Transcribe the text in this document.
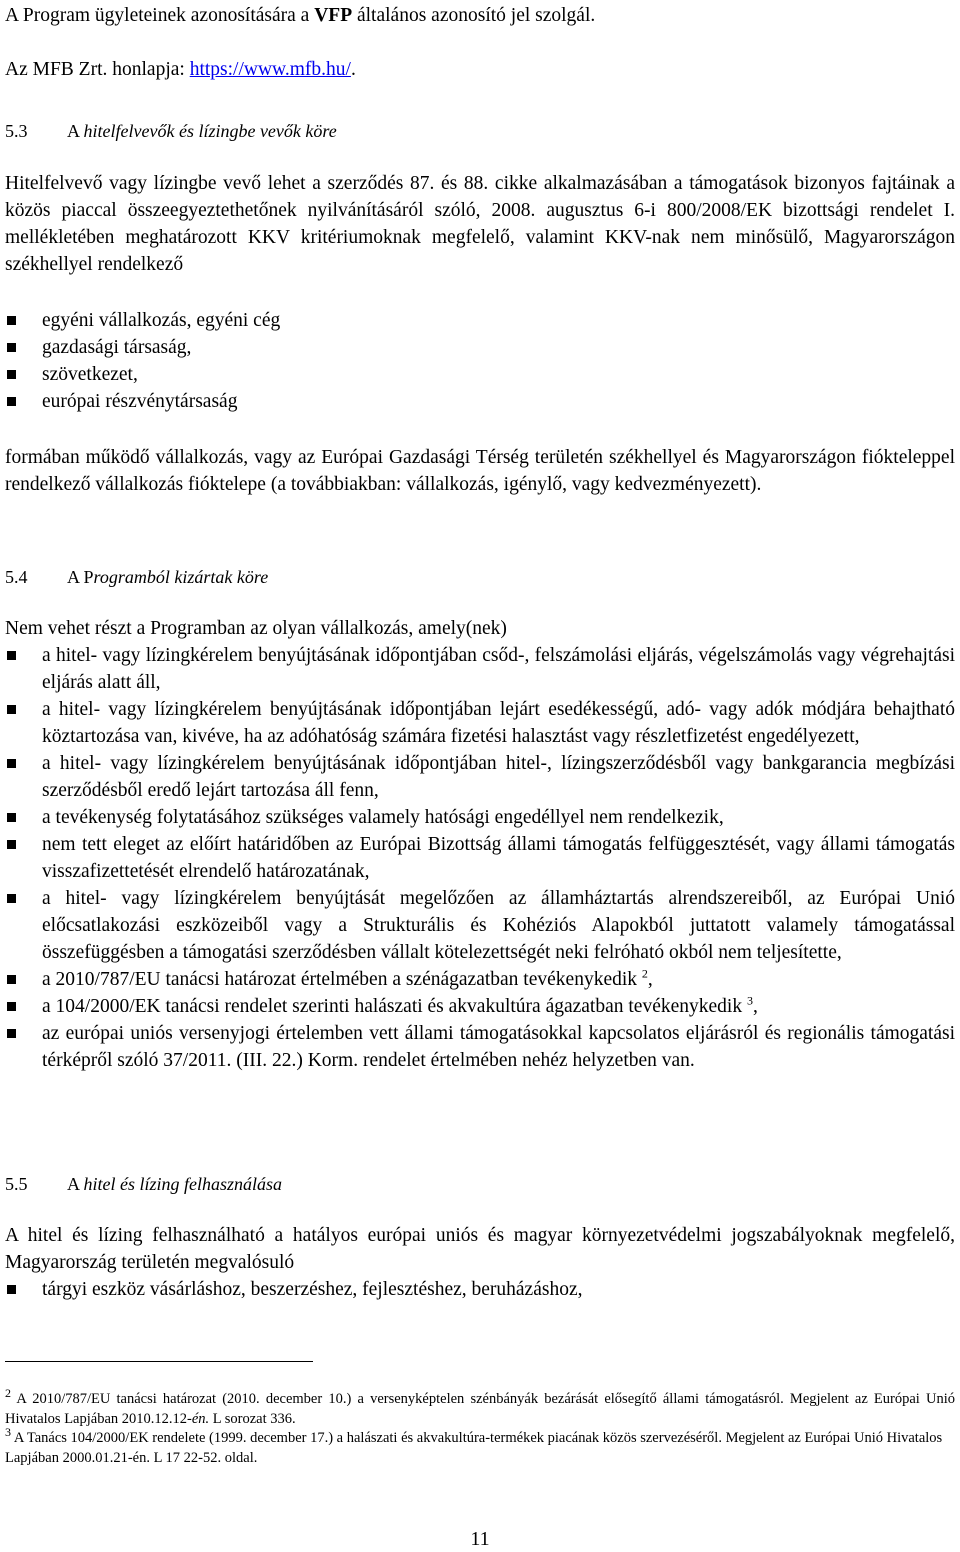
A Program ügyleteinek azonosítására a VFP általános azonosító jel szolgál.
Az MFB Zrt. honlapja: https://www.mfb.hu/.
5.3 A hitelfelvevők és lízingbe vevők köre
Hitelfelvevő vagy lízingbe vevő lehet a szerződés 87. és 88. cikke alkalmazásában a támogatások bizonyos fajtáinak a közös piaccal összeegyeztethetőnek nyilvánításáról szóló, 2008. augusztus 6-i 800/2008/EK bizottsági rendelet I. mellékletében meghatározott KKV kritériumoknak megfelelő, valamint KKV-nak nem minősülő, Magyarországon székhellyel rendelkező
egyéni vállalkozás, egyéni cég
gazdasági társaság,
szövetkezet,
európai részvénytársaság
formában működő vállalkozás, vagy az Európai Gazdasági Térség területén székhellyel és Magyarországon fiókteleppel rendelkező vállalkozás fióktelepe (a továbbiakban: vállalkozás, igénylő, vagy kedvezményezett).
5.4 A Programból kizártak köre
Nem vehet részt a Programban az olyan vállalkozás, amely(nek)
a hitel- vagy lízingkérelem benyújtásának időpontjában csőd-, felszámolási eljárás, végelszámolás vagy végrehajtási eljárás alatt áll,
a hitel- vagy lízingkérelem benyújtásának időpontjában lejárt esedékességű, adó- vagy adók módjára behajtható köztartozása van, kivéve, ha az adóhatóság számára fizetési halasztást vagy részletfizetést engedélyezett,
a hitel- vagy lízingkérelem benyújtásának időpontjában hitel-, lízingszerződésből vagy bankgarancia megbízási szerződésből eredő lejárt tartozása áll fenn,
a tevékenység folytatásához szükséges valamely hatósági engedéllyel nem rendelkezik,
nem tett eleget az előírt határidőben az Európai Bizottság állami támogatás felfüggesztését, vagy állami támogatás visszafizettetését elrendelő határozatának,
a hitel- vagy lízingkérelem benyújtását megelőzően az államháztartás alrendszereiből, az Európai Unió előcsatlakozási eszközeiből vagy a Strukturális és Kohéziós Alapokból juttatott valamely támogatással összefüggésben a támogatási szerződésben vállalt kötelezettségét neki felróható okból nem teljesítette,
a 2010/787/EU tanácsi határozat értelmében a szénágazatban tevékenykedik $^2$,
a 104/2000/EK tanácsi rendelet szerinti halászati és akvakultúra ágazatban tevékenykedik $^3$,
az európai uniós versenyjogi értelemben vett állami támogatásokkal kapcsolatos eljárásról és regionális támogatási térképről szóló 37/2011. (III. 22.) Korm. rendelet értelmében nehéz helyzetben van.
5.5 A hitel és lízing felhasználása
A hitel és lízing felhasználható a hatályos európai uniós és magyar környezetvédelmi jogszabályoknak megfelelő, Magyarország területén megvalósuló
tárgyi eszköz vásárláshoz, beszerzéshez, fejlesztéshez, beruházáshoz,
$^2$ A 2010/787/EU tanácsi határozat (2010. december 10.) a versenyképtelen szénbányák bezárását elősegítő állami támogatásról. Megjelent az Európai Unió Hivatalos Lapjában 2010.12.12-én. L sorozat 336.
$^3$ A Tanács 104/2000/EK rendelete (1999. december 17.) a halászati és akvakultúra-termékek piacának közös szervezéséről. Megjelent az Európai Unió Hivatalos Lapjában 2000.01.21-én. L 17 22-52. oldal.
11
